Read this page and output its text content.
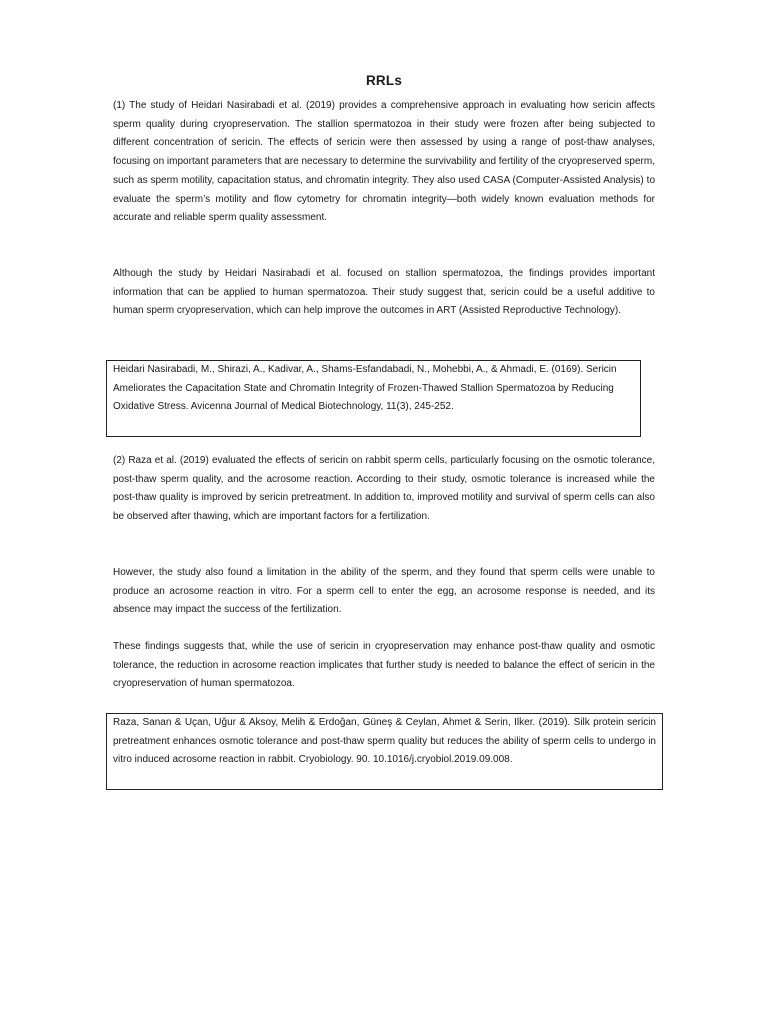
RRLs

(1) The study of Heidari Nasirabadi et al. (2019) provides a comprehensive approach in evaluating how sericin affects sperm quality during cryopreservation. The stallion spermatozoa in their study were frozen after being subjected to different concentration of sericin. The effects of sericin were then assessed by using a range of post-thaw analyses, focusing on important parameters that are necessary to determine the survivability and fertility of the cryopreserved sperm, such as sperm motility, capacitation status, and chromatin integrity. They also used CASA (Computer-Assisted Analysis) to evaluate the sperm’s motility and flow cytometry for chromatin integrity—both widely known evaluation methods for accurate and reliable sperm quality assessment.

Although the study by Heidari Nasirabadi et al. focused on stallion spermatozoa, the findings provides important information that can be applied to human spermatozoa. Their study suggest that, sericin could be a useful additive to human sperm cryopreservation, which can help improve the outcomes in ART (Assisted Reproductive Technology).

Heidari Nasirabadi, M., Shirazi, A., Kadivar, A., Shams-Esfandabadi, N., Mohebbi, A., & Ahmadi, E. (0169). Sericin Ameliorates the Capacitation State and Chromatin Integrity of Frozen-Thawed Stallion Spermatozoa by Reducing Oxidative Stress. Avicenna Journal of Medical Biotechnology, 11(3), 245-252.

(2) Raza et al. (2019) evaluated the effects of sericin on rabbit sperm cells, particularly focusing on the osmotic tolerance, post-thaw sperm quality, and the acrosome reaction. According to their study, osmotic tolerance is increased while the post-thaw quality is improved by sericin pretreatment. In addition to, improved motility and survival of sperm cells can also be observed after thawing, which are important factors for a fertilization.

However, the study also found a limitation in the ability of the sperm, and they found that sperm cells were unable to produce an acrosome reaction in vitro. For a sperm cell to enter the egg, an acrosome response is needed, and its absence may impact the success of the fertilization.

These findings suggests that, while the use of sericin in cryopreservation may enhance post-thaw quality and osmotic tolerance, the reduction in acrosome reaction implicates that further study is needed to balance the effect of sericin in the cryopreservation of human spermatozoa.

Raza, Sanan & Uçan, Uğur & Aksoy, Melih & Erdoğan, Güneş & Ceylan, Ahmet & Serin, Ilker. (2019). Silk protein sericin pretreatment enhances osmotic tolerance and post-thaw sperm quality but reduces the ability of sperm cells to undergo in vitro induced acrosome reaction in rabbit. Cryobiology. 90. 10.1016/j.cryobiol.2019.09.008.
